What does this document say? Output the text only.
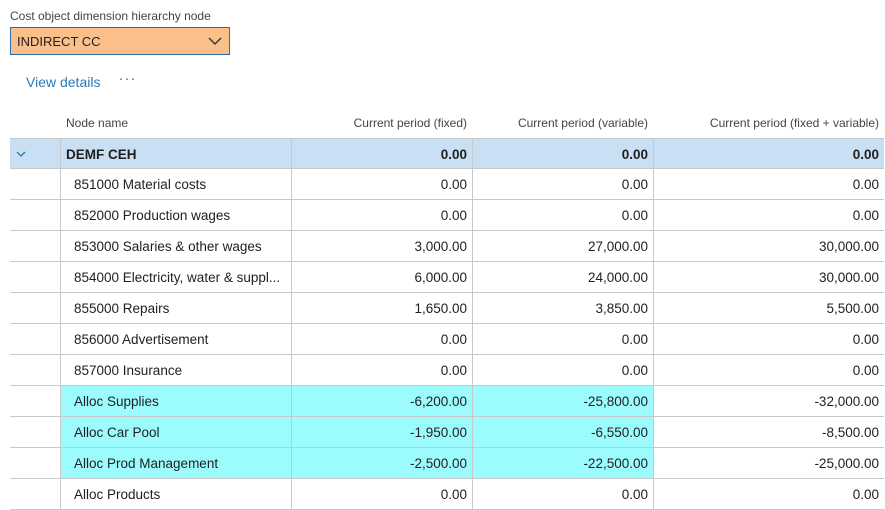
Cost object dimension hierarchy node
INDIRECT CC
View details ···
Node name	Current period (fixed)	Current period (variable)	Current period (fixed + variable)
DEMF CEH	0.00	0.00	0.00
851000 Material costs	0.00	0.00	0.00
852000 Production wages	0.00	0.00	0.00
853000 Salaries & other wages	3,000.00	27,000.00	30,000.00
854000 Electricity, water & suppl...	6,000.00	24,000.00	30,000.00
855000 Repairs	1,650.00	3,850.00	5,500.00
856000 Advertisement	0.00	0.00	0.00
857000 Insurance	0.00	0.00	0.00
Alloc Supplies	-6,200.00	-25,800.00	-32,000.00
Alloc Car Pool	-1,950.00	-6,550.00	-8,500.00
Alloc Prod Management	-2,500.00	-22,500.00	-25,000.00
Alloc Products	0.00	0.00	0.00
